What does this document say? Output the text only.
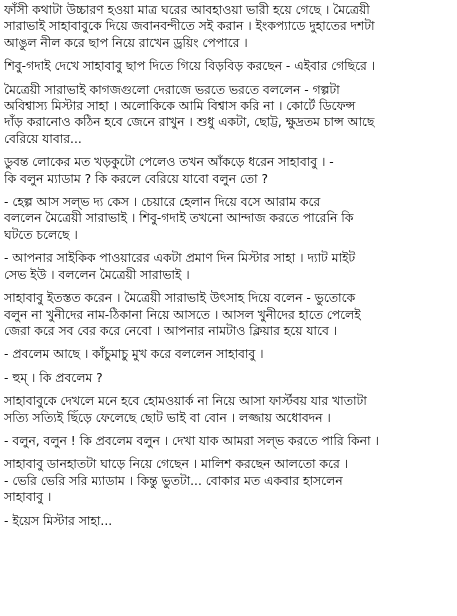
ফাঁসী কথাটা উচ্চারণ হওয়া মাত্র ঘরের আবহাওয়া ভারী হয়ে গেছে । মৈত্রেয়ী
সারাভাই সাহাবাবুকে দিয়ে জবানবন্দীতে সই করান । ইংকপ্যাডে দুহাতের দশটা
আঙুল নীল করে ছাপ নিয়ে রাখেন ড্রয়িং পেপারে ।
শিবু-গদাই দেখে সাহাবাবু ছাপ দিতে গিয়ে বিড়বিড় করছেন - এইবার গেছিরে ।
মৈত্রেয়ী সারাভাই কাগজগুলো দেরাজে ভরতে ভরতে বললেন - গল্পটা
অবিশ্বাস্য মিস্টার সাহা । অলোকিকে আমি বিশ্বাস করি না । কোর্টে ডিফেন্স
দাঁড় করানোও কঠিন হবে জেনে রাখুন । শুধু একটা, ছোট্ট, ক্ষুদ্রতম চান্স আছে
বেরিয়ে যাবার...
ডুবন্ত লোকের মত খড়কুটো পেলেও তখন আঁকড়ে ধরেন সাহাবাবু । -
কি বলুন ম্যাডাম ? কি করলে বেরিয়ে যাবো বলুন তো ?
- হেল্প আস সল্ভ দ্য কেস । চেয়ারে হেলান দিয়ে বসে আরাম করে
বললেন মৈত্রেয়ী সারাভাই । শিবু-গদাই তখনো আন্দাজ করতে পারেনি কি
ঘটতে চলেছে ।
- আপনার সাইকিক পাওয়ারের একটা প্রমাণ দিন মিস্টার সাহা । দ্যাট মাইট
সেভ ইউ । বললেন মৈত্রেয়ী সারাভাই ।
সাহাবাবু ইতস্তত করেন । মৈত্রেয়ী সারাভাই উৎসাহ দিয়ে বলেন - ভুতোকে
বলুন না খুনীদের নাম-ঠিকানা নিয়ে আসতে । আসল খুনীদের হাতে পেলেই
জেরা করে সব বের করে নেবো । আপনার নামটাও ক্লিয়ার হয়ে যাবে ।
- প্রবলেম আছে । কাঁচুমাচু মুখ করে বললেন সাহাবাবু ।
- হুম্ । কি প্রবলেম ?
সাহাবাবুকে দেখলে মনে হবে হোমওয়ার্ক না নিয়ে আসা ফার্স্টবয় যার খাতাটা
সত্যি সত্যিই ছিঁড়ে ফেলেছে ছোট ভাই বা বোন । লজ্জায় অধোবদন ।
- বলুন, বলুন ! কি প্রবলেম বলুন । দেখা যাক আমরা সল্ভ করতে পারি কিনা ।
সাহাবাবু ডানহাতটা ঘাড়ে নিয়ে গেছেন । মালিশ করছেন আলতো করে ।
- ভেরি ভেরি সরি ম্যাডাম । কিন্তু ভুতটা... বোকার মত একবার হাসলেন
সাহাবাবু ।
- ইয়েস মিস্টার সাহা...
